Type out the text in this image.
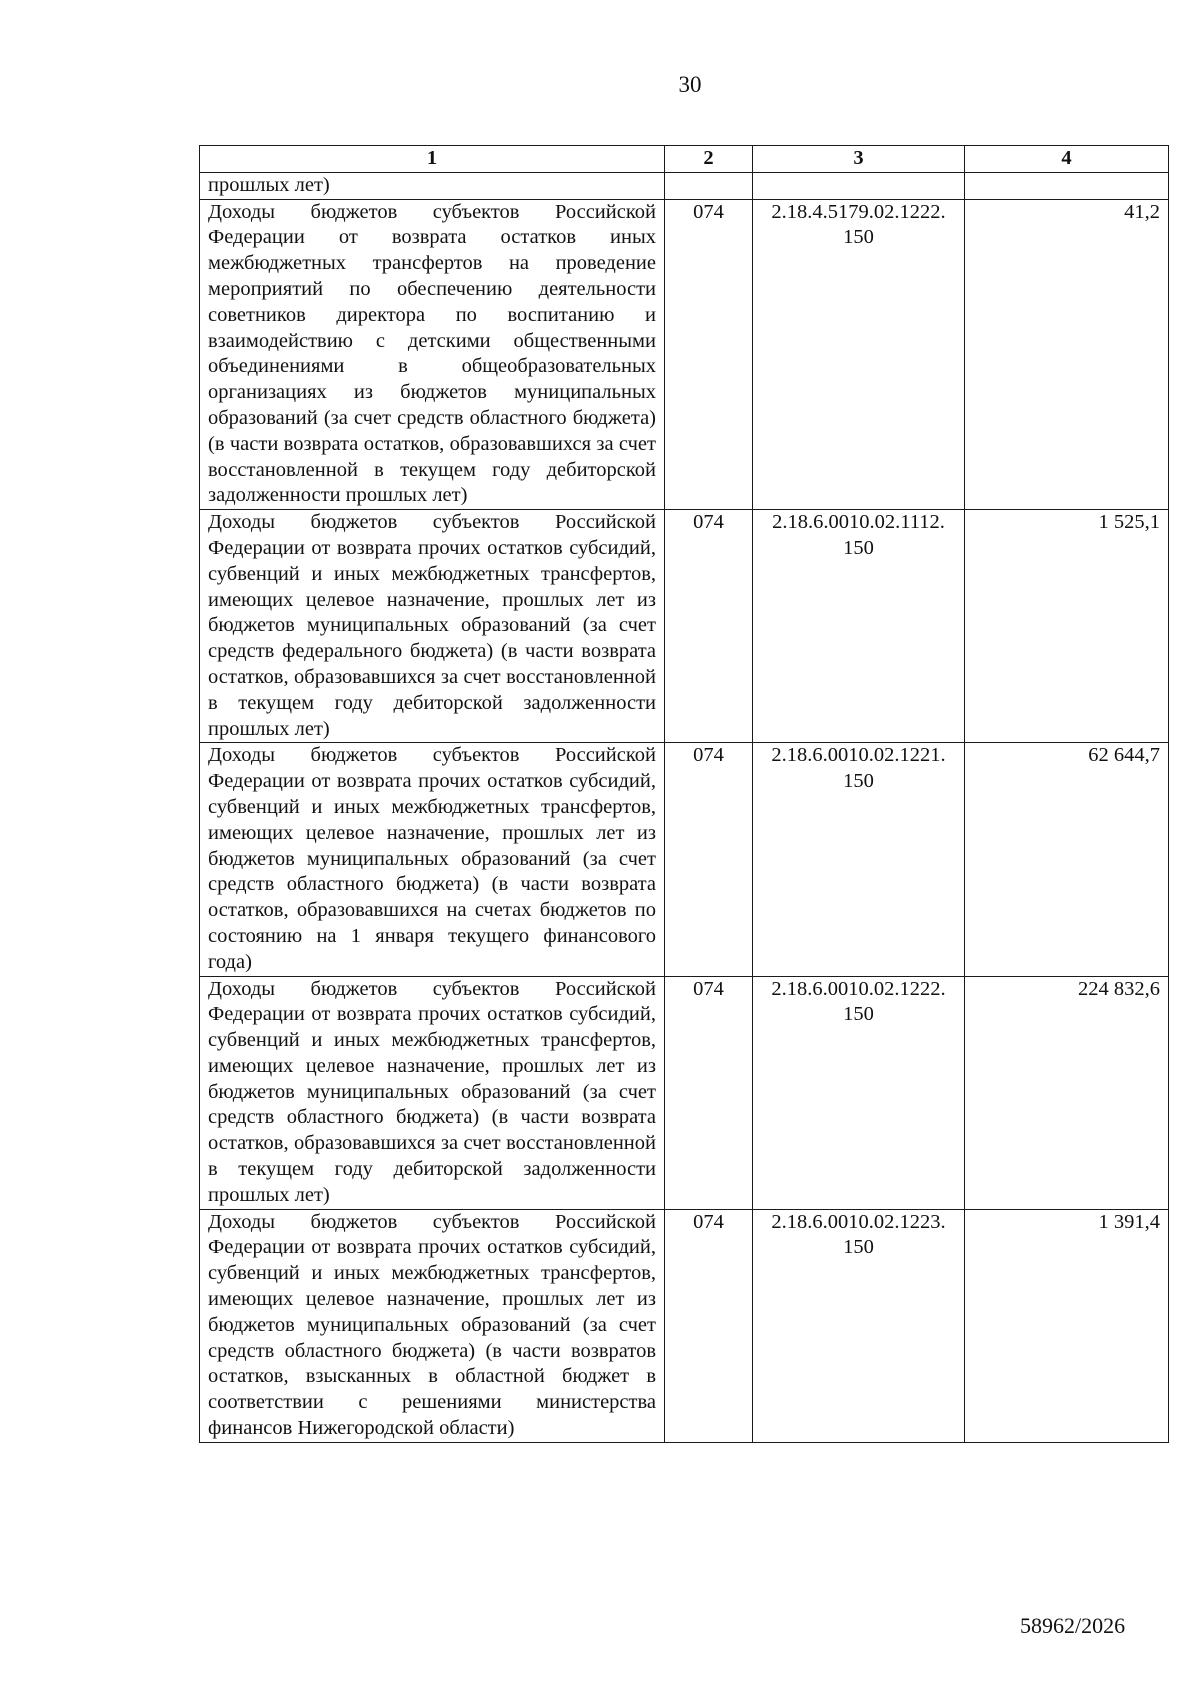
30
1	2	3	4
прошлых лет)			
Доходы бюджетов субъектов Российской Федерации от возврата остатков иных межбюджетных трансфертов на проведение мероприятий по обеспечению деятельности советников директора по воспитанию и взаимодействию с детскими общественными объединениями в общеобразовательных организациях из бюджетов муниципальных образований (за счет средств областного бюджета) (в части возврата остатков, образовавшихся за счет восстановленной в текущем году дебиторской задолженности прошлых лет)	074	2.18.4.5179.02.1222. 150	41,2
Доходы бюджетов субъектов Российской Федерации от возврата прочих остатков субсидий, субвенций и иных межбюджетных трансфертов, имеющих целевое назначение, прошлых лет из бюджетов муниципальных образований (за счет средств федерального бюджета) (в части возврата остатков, образовавшихся за счет восстановленной в текущем году дебиторской задолженности прошлых лет)	074	2.18.6.0010.02.1112. 150	1 525,1
Доходы бюджетов субъектов Российской Федерации от возврата прочих остатков субсидий, субвенций и иных межбюджетных трансфертов, имеющих целевое назначение, прошлых лет из бюджетов муниципальных образований (за счет средств областного бюджета) (в части возврата остатков, образовавшихся на счетах бюджетов по состоянию на 1 января текущего финансового года)	074	2.18.6.0010.02.1221. 150	62 644,7
Доходы бюджетов субъектов Российской Федерации от возврата прочих остатков субсидий, субвенций и иных межбюджетных трансфертов, имеющих целевое назначение, прошлых лет из бюджетов муниципальных образований (за счет средств областного бюджета) (в части возврата остатков, образовавшихся за счет восстановленной в текущем году дебиторской задолженности прошлых лет)	074	2.18.6.0010.02.1222. 150	224 832,6
Доходы бюджетов субъектов Российской Федерации от возврата прочих остатков субсидий, субвенций и иных межбюджетных трансфертов, имеющих целевое назначение, прошлых лет из бюджетов муниципальных образований (за счет средств областного бюджета) (в части возвратов остатков, взысканных в областной бюджет в соответствии с решениями министерства финансов Нижегородской области)	074	2.18.6.0010.02.1223. 150	1 391,4
58962/2026
